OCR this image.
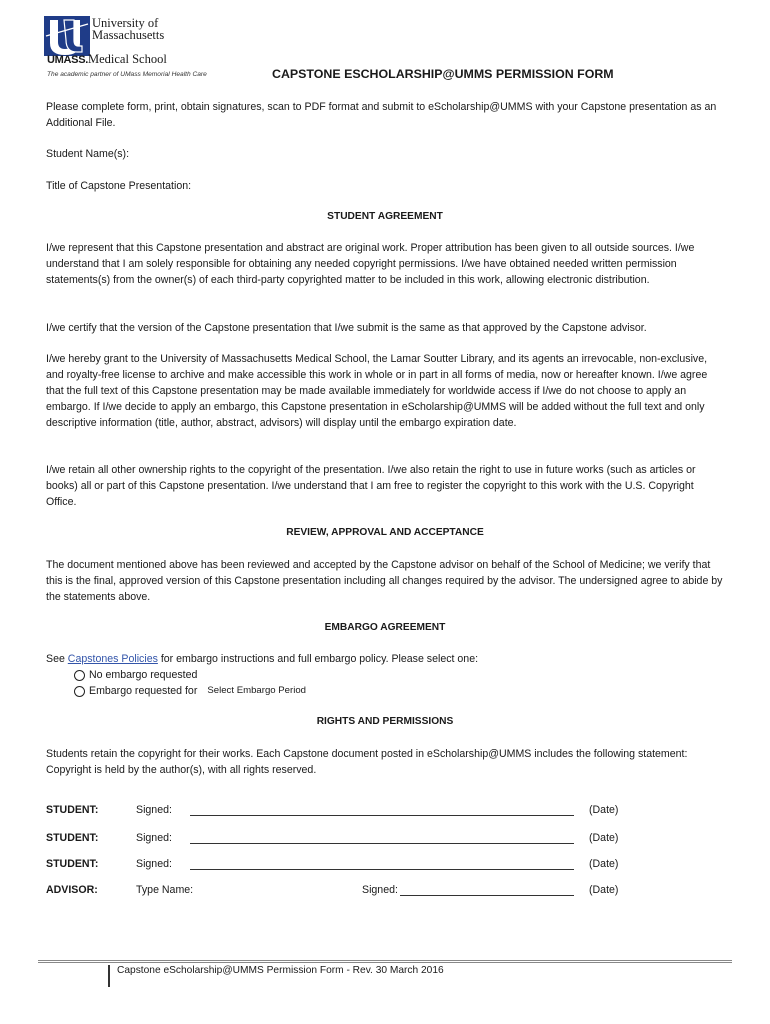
University of
Massachusetts
UMASS.Medical School
The academic partner of UMass Memorial Health Care	CAPSTONE ESCHOLARSHIP@UMMS PERMISSION FORM
Please complete form, print, obtain signatures, scan to PDF format and submit to eScholarship@UMMS with your Capstone presentation as an Additional File.
Student Name(s):
Title of Capstone Presentation:
STUDENT AGREEMENT
I/we represent that this Capstone presentation and abstract are original work. Proper attribution has been given to all outside sources. I/we understand that I am solely responsible for obtaining any needed copyright permissions. I/we have obtained needed written permission statements(s) from the owner(s) of each third-party copyrighted matter to be included in this work, allowing electronic distribution.
I/we certify that the version of the Capstone presentation that I/we submit is the same as that approved by the Capstone advisor.
I/we hereby grant to the University of Massachusetts Medical School, the Lamar Soutter Library, and its agents an irrevocable, non-exclusive, and royalty-free license to archive and make accessible this work in whole or in part in all forms of media, now or hereafter known. I/we agree that the full text of this Capstone presentation may be made available immediately for worldwide access if I/we do not choose to apply an embargo. If I/we decide to apply an embargo, this Capstone presentation in eScholarship@UMMS will be added without the full text and only descriptive information (title, author, abstract, advisors) will display until the embargo expiration date.
I/we retain all other ownership rights to the copyright of the presentation. I/we also retain the right to use in future works (such as articles or books) all or part of this Capstone presentation. I/we understand that I am free to register the copyright to this work with the U.S. Copyright Office.
REVIEW, APPROVAL AND ACCEPTANCE
The document mentioned above has been reviewed and accepted by the Capstone advisor on behalf of the School of Medicine; we verify that this is the final, approved version of this Capstone presentation including all changes required by the advisor. The undersigned agree to abide by the statements above.
EMBARGO AGREEMENT
See Capstones Policies for embargo instructions and full embargo policy. Please select one:
No embargo requested
Embargo requested for Select Embargo Period
RIGHTS AND PERMISSIONS
Students retain the copyright for their works. Each Capstone document posted in eScholarship@UMMS includes the following statement: Copyright is held by the author(s), with all rights reserved.
STUDENT:	Signed:	(Date)
STUDENT:	Signed:	(Date)
STUDENT:	Signed:	(Date)
ADVISOR:	Type Name:	Signed:	(Date)
Capstone eScholarship@UMMS Permission Form - Rev. 30 March 2016
